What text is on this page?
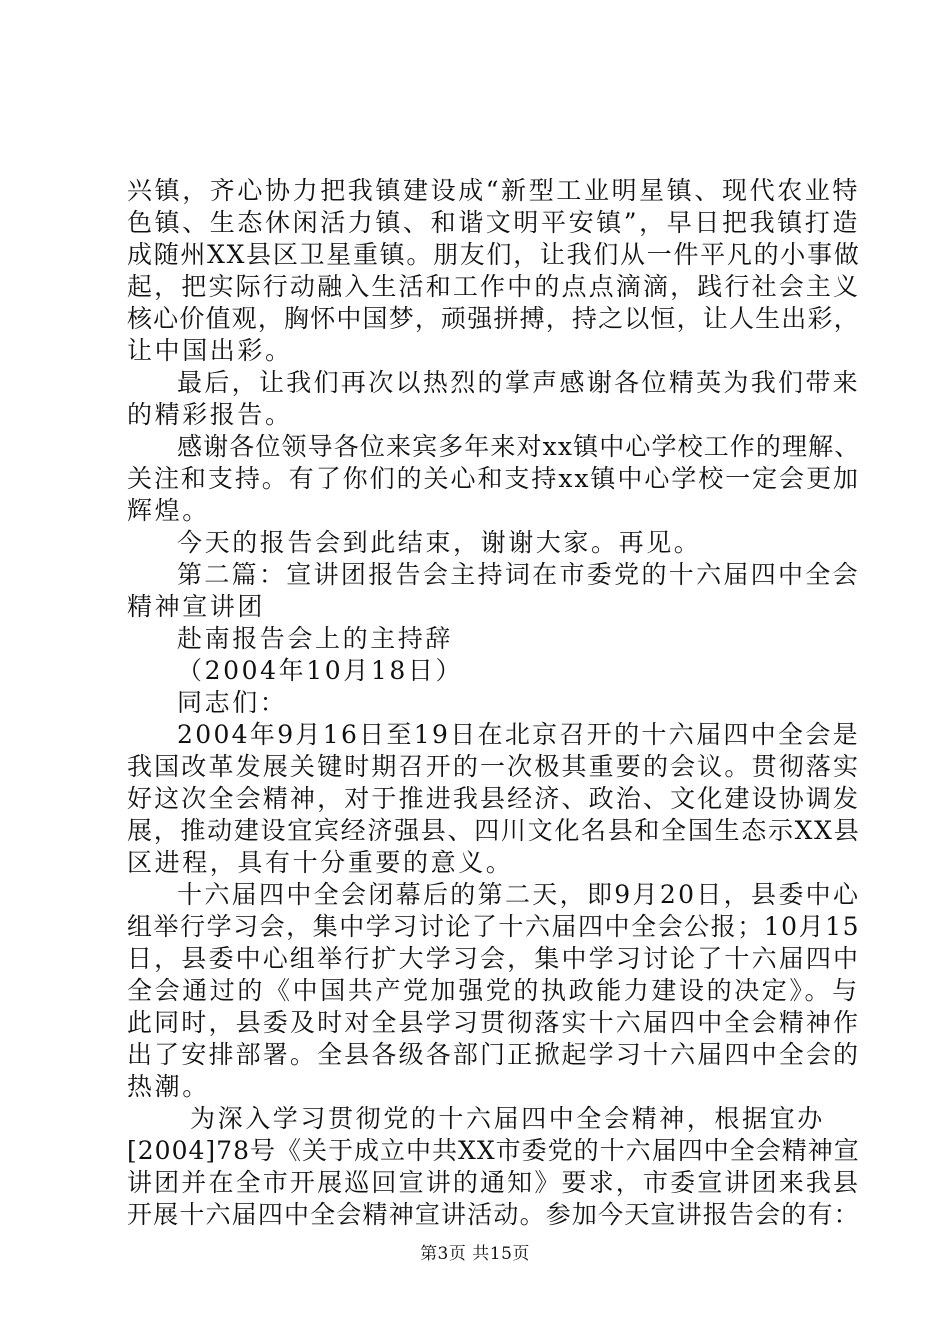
兴镇，齐心协力把我镇建设成“新型工业明星镇、现代农业特
色镇、生态休闲活力镇、和谐文明平安镇”，早日把我镇打造
成随州XX县区卫星重镇。朋友们，让我们从一件平凡的小事做
起，把实际行动融入生活和工作中的点点滴滴，践行社会主义
核心价值观，胸怀中国梦，顽强拼搏，持之以恒，让人生出彩，
让中国出彩。
最后，让我们再次以热烈的掌声感谢各位精英为我们带来
的精彩报告。
感谢各位领导各位来宾多年来对xx镇中心学校工作的理解、
关注和支持。有了你们的关心和支持xx镇中心学校一定会更加
辉煌。
今天的报告会到此结束，谢谢大家。再见。
第二篇：宣讲团报告会主持词在市委党的十六届四中全会
精神宣讲团
赴南报告会上的主持辞
（2004年10月18日）
同志们：
2004年9月16日至19日在北京召开的十六届四中全会是
我国改革发展关键时期召开的一次极其重要的会议。贯彻落实
好这次全会精神，对于推进我县经济、政治、文化建设协调发
展，推动建设宜宾经济强县、四川文化名县和全国生态示XX县
区进程，具有十分重要的意义。
十六届四中全会闭幕后的第二天，即9月20日，县委中心
组举行学习会，集中学习讨论了十六届四中全会公报；10月15
日，县委中心组举行扩大学习会，集中学习讨论了十六届四中
全会通过的《中国共产党加强党的执政能力建设的决定》。与
此同时，县委及时对全县学习贯彻落实十六届四中全会精神作
出了安排部署。全县各级各部门正掀起学习十六届四中全会的
热潮。
为深入学习贯彻党的十六届四中全会精神，根据宜办
[2004]78号《关于成立中共XX市委党的十六届四中全会精神宣
讲团并在全市开展巡回宣讲的通知》要求，市委宣讲团来我县
开展十六届四中全会精神宣讲活动。参加今天宣讲报告会的有：
第3页 共15页
